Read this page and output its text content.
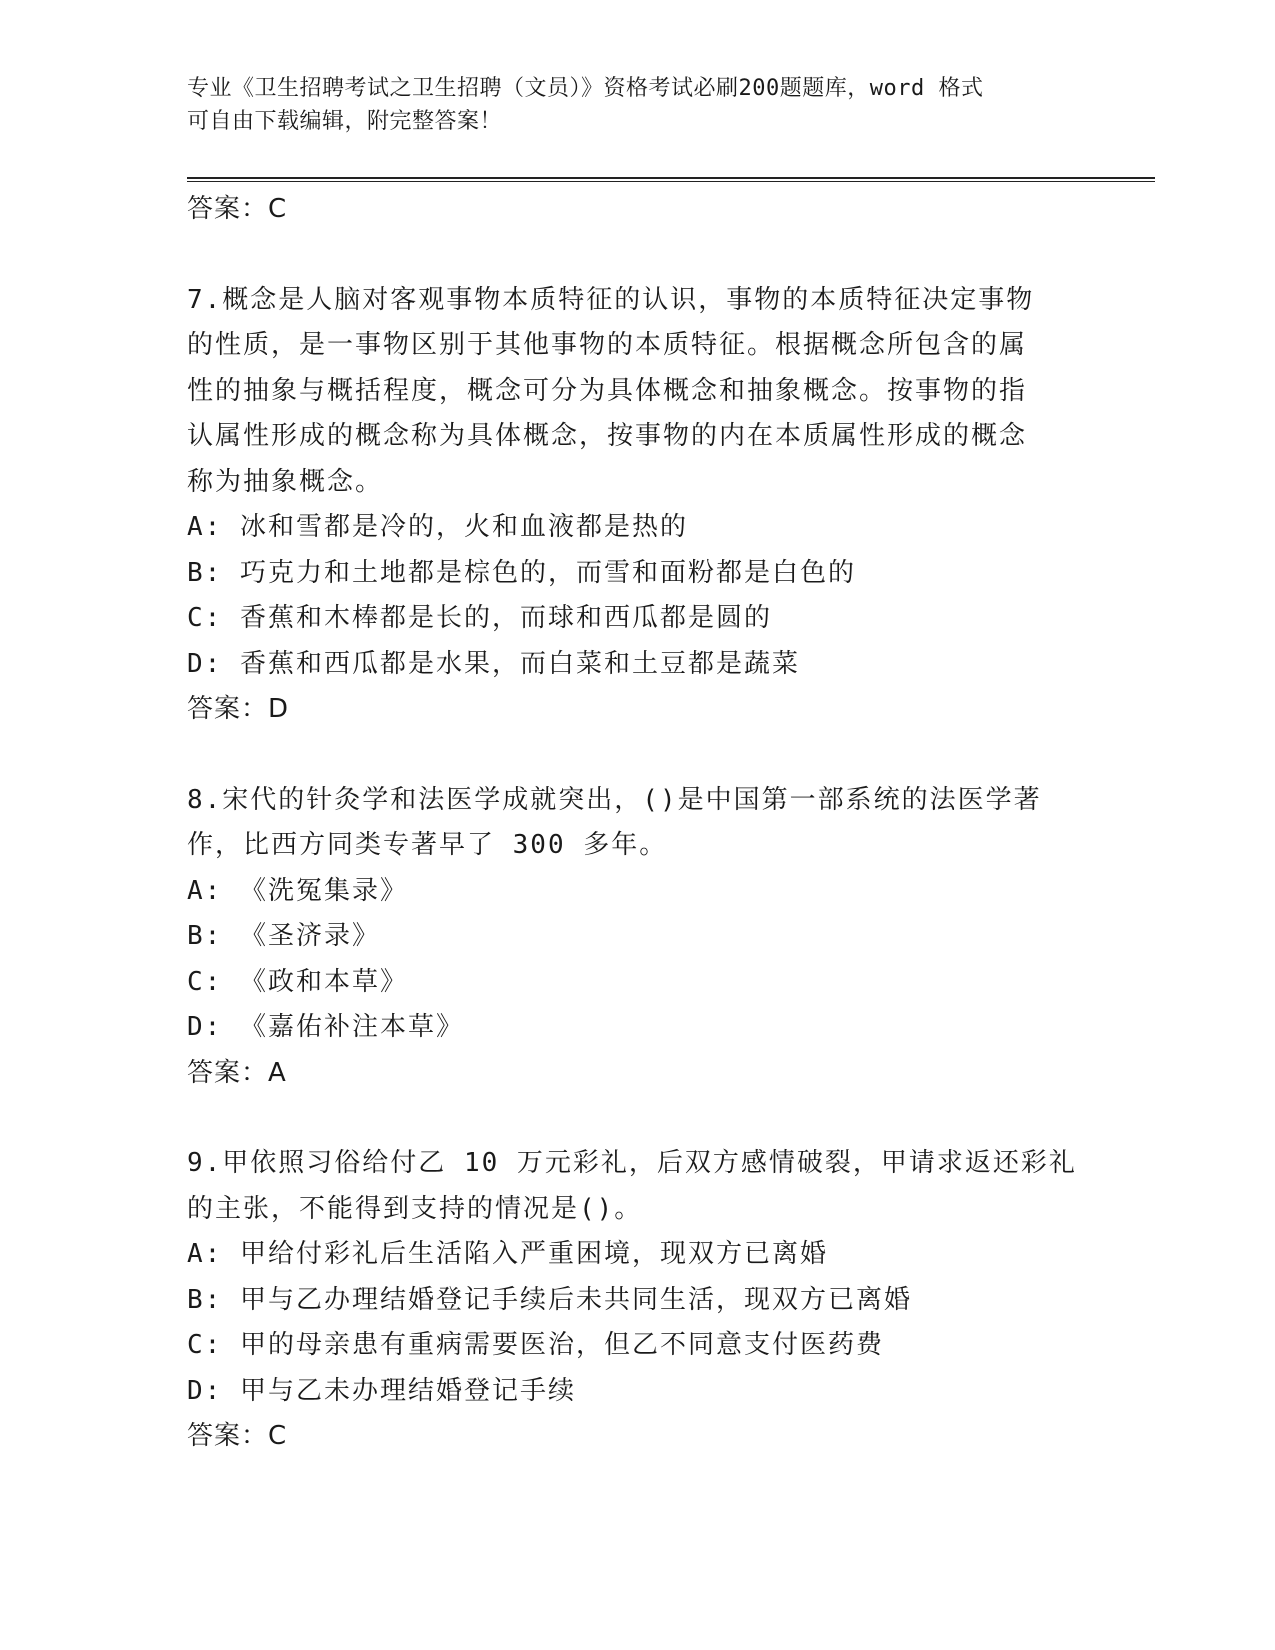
专业《卫生招聘考试之卫生招聘（文员）》资格考试必刷200题题库，word 格式
可自由下载编辑，附完整答案！
答案：C
7.概念是人脑对客观事物本质特征的认识，事物的本质特征决定事物
的性质，是一事物区别于其他事物的本质特征。根据概念所包含的属
性的抽象与概括程度，概念可分为具体概念和抽象概念。按事物的指
认属性形成的概念称为具体概念，按事物的内在本质属性形成的概念
称为抽象概念。
A: 冰和雪都是冷的，火和血液都是热的
B: 巧克力和土地都是棕色的，而雪和面粉都是白色的
C: 香蕉和木棒都是长的，而球和西瓜都是圆的
D: 香蕉和西瓜都是水果，而白菜和土豆都是蔬菜
答案：D
8.宋代的针灸学和法医学成就突出，()是中国第一部系统的法医学著
作，比西方同类专著早了 300 多年。
A: 《洗冤集录》
B: 《圣济录》
C: 《政和本草》
D: 《嘉佑补注本草》
答案：A
9.甲依照习俗给付乙 10 万元彩礼，后双方感情破裂，甲请求返还彩礼
的主张，不能得到支持的情况是()。
A: 甲给付彩礼后生活陷入严重困境，现双方已离婚
B: 甲与乙办理结婚登记手续后未共同生活，现双方已离婚
C: 甲的母亲患有重病需要医治，但乙不同意支付医药费
D: 甲与乙未办理结婚登记手续
答案：C
